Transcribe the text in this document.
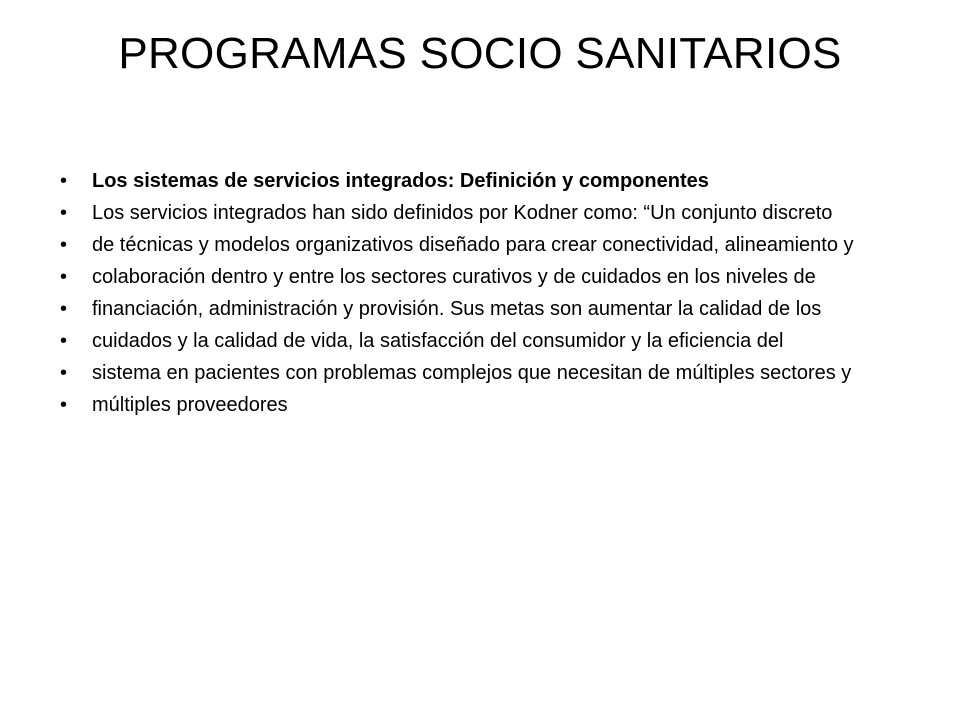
PROGRAMAS SOCIO SANITARIOS
•	Los sistemas de servicios integrados: Definición y componentes
•	Los servicios integrados han sido definidos por Kodner como: “Un conjunto discreto
•	de técnicas y modelos organizativos diseñado para crear conectividad, alineamiento y
•	colaboración dentro y entre los sectores curativos y de cuidados en los niveles de
•	financiación, administración y provisión. Sus metas son aumentar la calidad de los
•	cuidados y la calidad de vida, la satisfacción del consumidor y la eficiencia del
•	sistema en pacientes con problemas complejos que necesitan de múltiples sectores y
•	múltiples proveedores
